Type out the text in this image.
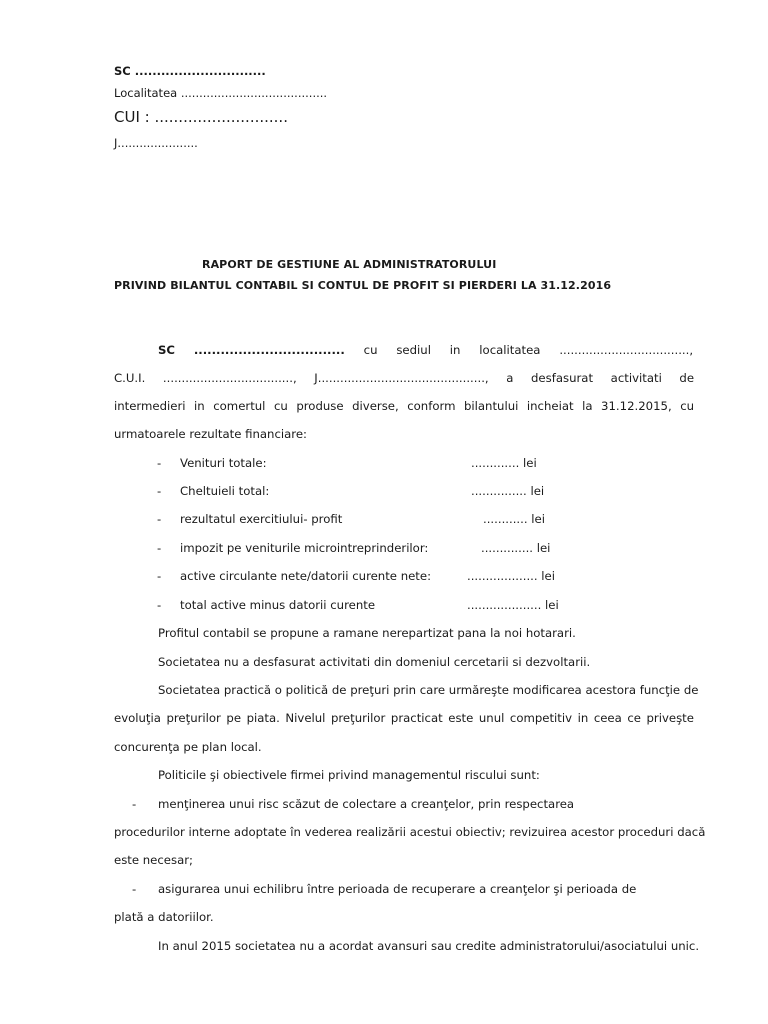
SC ..............................
Localitatea ........................................
CUI : ............................
J......................
RAPORT DE GESTIUNE AL ADMINISTRATORULUI
PRIVIND BILANTUL CONTABIL SI CONTUL DE PROFIT SI PIERDERI LA 31.12.2016
SC .................................. cu sediul in localitatea ...................................,
C.U.I. ..................................., J............................................., a desfasurat activitati de
intermedieri in comertul cu produse diverse, conform bilantului incheiat la 31.12.2015, cu
urmatoarele rezultate financiare:
- Venituri totale:	............. lei
- Cheltuieli total:	............... lei
- rezultatul exercitiului- profit	............ lei
- impozit pe veniturile microintreprinderilor:	.............. lei
- active circulante nete/datorii curente nete:	................... lei
- total active minus datorii curente	.................... lei
Profitul contabil se propune a ramane nerepartizat pana la noi hotarari.
Societatea nu a desfasurat activitati din domeniul cercetarii si dezvoltarii.
Societatea practică o politică de preţuri prin care urmăreşte modificarea acestora funcţie de
evoluţia preţurilor pe piata. Nivelul preţurilor practicat este unul competitiv in ceea ce priveşte
concurenţa pe plan local.
Politicile şi obiectivele firmei privind managementul riscului sunt:
- menţinerea unui risc scăzut de colectare a creanţelor, prin respectarea
procedurilor interne adoptate în vederea realizării acestui obiectiv; revizuirea acestor proceduri dacă
este necesar;
- asigurarea unui echilibru între perioada de recuperare a creanţelor şi perioada de
plată a datoriilor.
In anul 2015 societatea nu a acordat avansuri sau credite administratorului/asociatului unic.
